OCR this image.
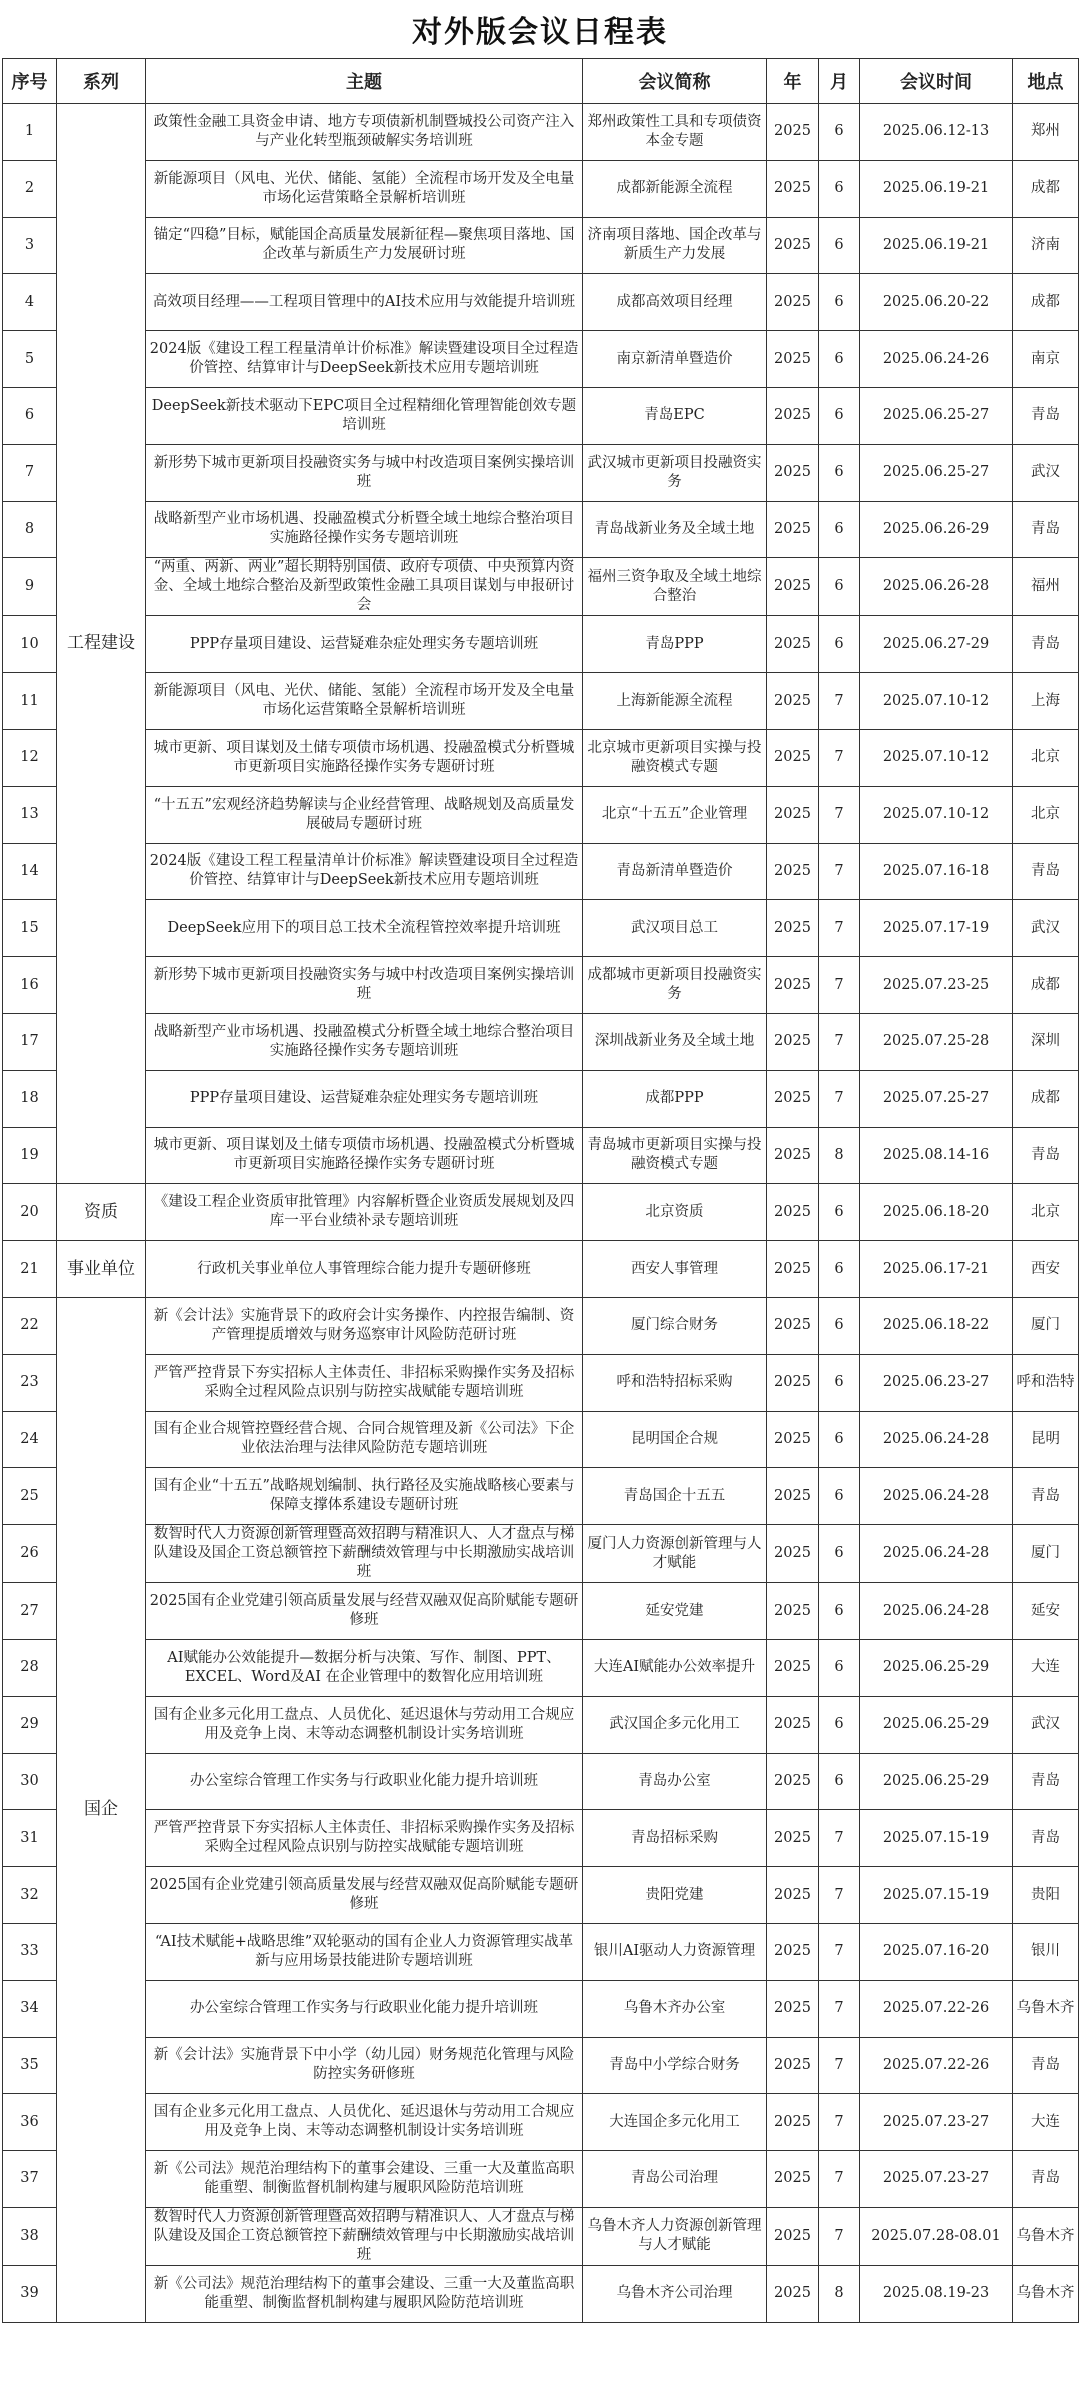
对外版会议日程表
序号	系列	主题	会议简称	年	月	会议时间	地点
1	工程建设	政策性金融工具资金申请、地方专项债新机制暨城投公司资产注入与产业化转型瓶颈破解实务培训班	郑州政策性工具和专项债资本金专题	2025	6	2025.06.12-13	郑州
2		新能源项目（风电、光伏、储能、氢能）全流程市场开发及全电量市场化运营策略全景解析培训班	成都新能源全流程	2025	6	2025.06.19-21	成都
3		锚定“四稳”目标，赋能国企高质量发展新征程—聚焦项目落地、国企改革与新质生产力发展研讨班	济南项目落地、国企改革与新质生产力发展	2025	6	2025.06.19-21	济南
4		高效项目经理——工程项目管理中的AI技术应用与效能提升培训班	成都高效项目经理	2025	6	2025.06.20-22	成都
5		2024版《建设工程工程量清单计价标准》解读暨建设项目全过程造价管控、结算审计与DeepSeek新技术应用专题培训班	南京新清单暨造价	2025	6	2025.06.24-26	南京
6		DeepSeek新技术驱动下EPC项目全过程精细化管理智能创效专题培训班	青岛EPC	2025	6	2025.06.25-27	青岛
7		新形势下城市更新项目投融资实务与城中村改造项目案例实操培训班	武汉城市更新项目投融资实务	2025	6	2025.06.25-27	武汉
8		战略新型产业市场机遇、投融盈模式分析暨全域土地综合整治项目实施路径操作实务专题培训班	青岛战新业务及全域土地	2025	6	2025.06.26-29	青岛
9		“两重、两新、两业”超长期特别国债、政府专项债、中央预算内资金、全域土地综合整治及新型政策性金融工具项目谋划与申报研讨会	福州三资争取及全域土地综合整治	2025	6	2025.06.26-28	福州
10		PPP存量项目建设、运营疑难杂症处理实务专题培训班	青岛PPP	2025	6	2025.06.27-29	青岛
11		新能源项目（风电、光伏、储能、氢能）全流程市场开发及全电量市场化运营策略全景解析培训班	上海新能源全流程	2025	7	2025.07.10-12	上海
12		城市更新、项目谋划及土储专项债市场机遇、投融盈模式分析暨城市更新项目实施路径操作实务专题研讨班	北京城市更新项目实操与投融资模式专题	2025	7	2025.07.10-12	北京
13		“十五五”宏观经济趋势解读与企业经营管理、战略规划及高质量发展破局专题研讨班	北京“十五五”企业管理	2025	7	2025.07.10-12	北京
14		2024版《建设工程工程量清单计价标准》解读暨建设项目全过程造价管控、结算审计与DeepSeek新技术应用专题培训班	青岛新清单暨造价	2025	7	2025.07.16-18	青岛
15		DeepSeek应用下的项目总工技术全流程管控效率提升培训班	武汉项目总工	2025	7	2025.07.17-19	武汉
16		新形势下城市更新项目投融资实务与城中村改造项目案例实操培训班	成都城市更新项目投融资实务	2025	7	2025.07.23-25	成都
17		战略新型产业市场机遇、投融盈模式分析暨全域土地综合整治项目实施路径操作实务专题培训班	深圳战新业务及全域土地	2025	7	2025.07.25-28	深圳
18		PPP存量项目建设、运营疑难杂症处理实务专题培训班	成都PPP	2025	7	2025.07.25-27	成都
19		城市更新、项目谋划及土储专项债市场机遇、投融盈模式分析暨城市更新项目实施路径操作实务专题研讨班	青岛城市更新项目实操与投融资模式专题	2025	8	2025.08.14-16	青岛
20	资质	《建设工程企业资质审批管理》内容解析暨企业资质发展规划及四库一平台业绩补录专题培训班	北京资质	2025	6	2025.06.18-20	北京
21	事业单位	行政机关事业单位人事管理综合能力提升专题研修班	西安人事管理	2025	6	2025.06.17-21	西安
22	国企	新《会计法》实施背景下的政府会计实务操作、内控报告编制、资产管理提质增效与财务巡察审计风险防范研讨班	厦门综合财务	2025	6	2025.06.18-22	厦门
23		严管严控背景下夯实招标人主体责任、非招标采购操作实务及招标采购全过程风险点识别与防控实战赋能专题培训班	呼和浩特招标采购	2025	6	2025.06.23-27	呼和浩特
24		国有企业合规管控暨经营合规、合同合规管理及新《公司法》下企业依法治理与法律风险防范专题培训班	昆明国企合规	2025	6	2025.06.24-28	昆明
25		国有企业“十五五”战略规划编制、执行路径及实施战略核心要素与保障支撑体系建设专题研讨班	青岛国企十五五	2025	6	2025.06.24-28	青岛
26		数智时代人力资源创新管理暨高效招聘与精准识人、人才盘点与梯队建设及国企工资总额管控下薪酬绩效管理与中长期激励实战培训班	厦门人力资源创新管理与人才赋能	2025	6	2025.06.24-28	厦门
27		2025国有企业党建引领高质量发展与经营双融双促高阶赋能专题研修班	延安党建	2025	6	2025.06.24-28	延安
28		AI赋能办公效能提升—数据分析与决策、写作、制图、PPT、EXCEL、Word及AI 在企业管理中的数智化应用培训班	大连AI赋能办公效率提升	2025	6	2025.06.25-29	大连
29		国有企业多元化用工盘点、人员优化、延迟退休与劳动用工合规应用及竞争上岗、末等动态调整机制设计实务培训班	武汉国企多元化用工	2025	6	2025.06.25-29	武汉
30		办公室综合管理工作实务与行政职业化能力提升培训班	青岛办公室	2025	6	2025.06.25-29	青岛
31		严管严控背景下夯实招标人主体责任、非招标采购操作实务及招标采购全过程风险点识别与防控实战赋能专题培训班	青岛招标采购	2025	7	2025.07.15-19	青岛
32		2025国有企业党建引领高质量发展与经营双融双促高阶赋能专题研修班	贵阳党建	2025	7	2025.07.15-19	贵阳
33		“AI技术赋能+战略思维”双轮驱动的国有企业人力资源管理实战革新与应用场景技能进阶专题培训班	银川AI驱动人力资源管理	2025	7	2025.07.16-20	银川
34		办公室综合管理工作实务与行政职业化能力提升培训班	乌鲁木齐办公室	2025	7	2025.07.22-26	乌鲁木齐
35		新《会计法》实施背景下中小学（幼儿园）财务规范化管理与风险防控实务研修班	青岛中小学综合财务	2025	7	2025.07.22-26	青岛
36		国有企业多元化用工盘点、人员优化、延迟退休与劳动用工合规应用及竞争上岗、末等动态调整机制设计实务培训班	大连国企多元化用工	2025	7	2025.07.23-27	大连
37		新《公司法》规范治理结构下的董事会建设、三重一大及董监高职能重塑、制衡监督机制构建与履职风险防范培训班	青岛公司治理	2025	7	2025.07.23-27	青岛
38		数智时代人力资源创新管理暨高效招聘与精准识人、人才盘点与梯队建设及国企工资总额管控下薪酬绩效管理与中长期激励实战培训班	乌鲁木齐人力资源创新管理与人才赋能	2025	7	2025.07.28-08.01	乌鲁木齐
39		新《公司法》规范治理结构下的董事会建设、三重一大及董监高职能重塑、制衡监督机制构建与履职风险防范培训班	乌鲁木齐公司治理	2025	8	2025.08.19-23	乌鲁木齐
